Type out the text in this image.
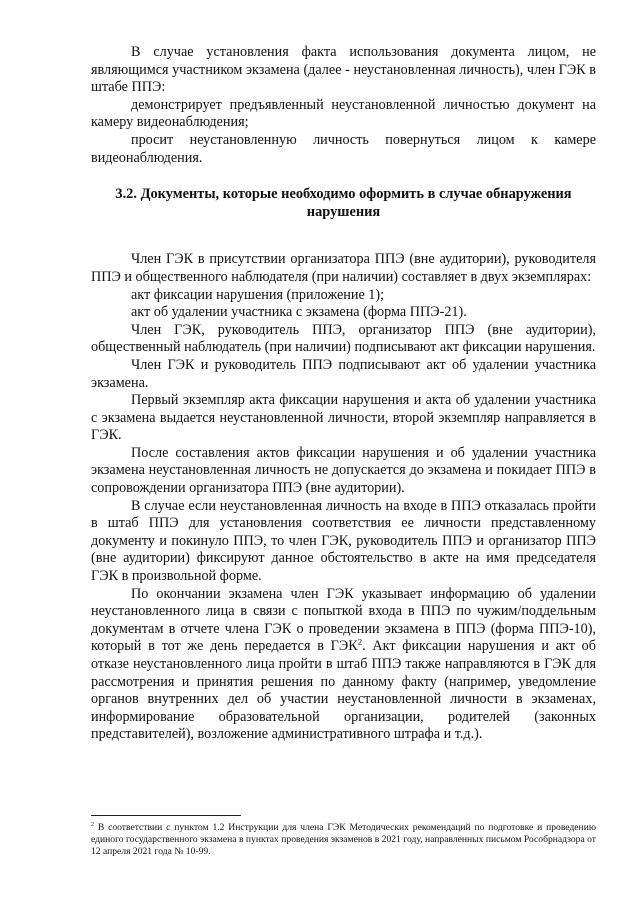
В случае установления факта использования документа лицом, не являющимся участником экзамена (далее - неустановленная личность), член ГЭК в штабе ППЭ:

демонстрирует предъявленный неустановленной личностью документ на камеру видеонаблюдения;

просит неустановленную личность повернуться лицом к камере видеонаблюдения.

3.2. Документы, которые необходимо оформить в случае обнаружения нарушения

Член ГЭК в присутствии организатора ППЭ (вне аудитории), руководителя ППЭ и общественного наблюдателя (при наличии) составляет в двух экземплярах:

акт фиксации нарушения (приложение 1);

акт об удалении участника с экзамена (форма ППЭ-21).

Член ГЭК, руководитель ППЭ, организатор ППЭ (вне аудитории), общественный наблюдатель (при наличии) подписывают акт фиксации нарушения.

Член ГЭК и руководитель ППЭ подписывают акт об удалении участника экзамена.

Первый экземпляр акта фиксации нарушения и акта об удалении участника с экзамена выдается неустановленной личности, второй экземпляр направляется в ГЭК.

После составления актов фиксации нарушения и об удалении участника экзамена неустановленная личность не допускается до экзамена и покидает ППЭ в сопровождении организатора ППЭ (вне аудитории).

В случае если неустановленная личность на входе в ППЭ отказалась пройти в штаб ППЭ для установления соответствия ее личности представленному документу и покинуло ППЭ, то член ГЭК, руководитель ППЭ и организатор ППЭ (вне аудитории) фиксируют данное обстоятельство в акте на имя председателя ГЭК в произвольной форме.

По окончании экзамена член ГЭК указывает информацию об удалении неустановленного лица в связи с попыткой входа в ППЭ по чужим/поддельным документам в отчете члена ГЭК о проведении экзамена в ППЭ (форма ППЭ-10), который в тот же день передается в ГЭК$^2$. Акт фиксации нарушения и акт об отказе неустановленного лица пройти в штаб ППЭ также направляются в ГЭК для рассмотрения и принятия решения по данному факту (например, уведомление органов внутренних дел об участии неустановленной личности в экзаменах, информирование образовательной организации, родителей (законных представителей), возложение административного штрафа и т.д.).

$^2$ В соответствии с пунктом 1.2 Инструкции для члена ГЭК Методических рекомендаций по подготовке и проведению единого государственного экзамена в пунктах проведения экзаменов в 2021 году, направленных письмом Рособрнадзора от 12 апреля 2021 года № 10-99.
